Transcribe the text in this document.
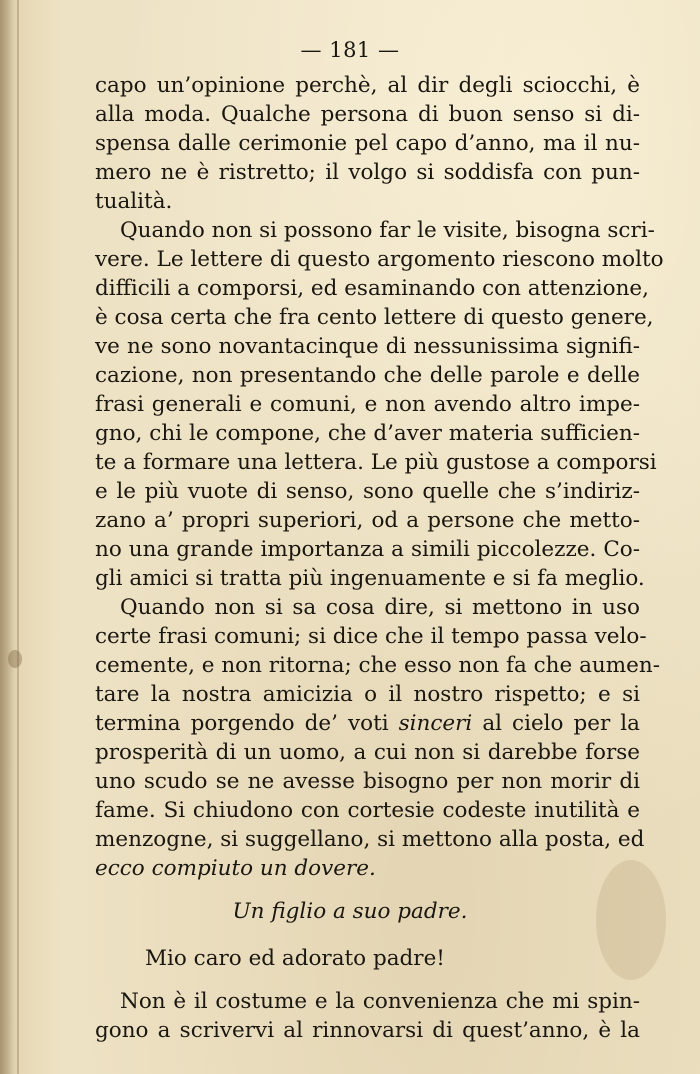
— 181 —
capo un’opinione perchè, al dir degli sciocchi, è
alla moda. Qualche persona di buon senso si di-
spensa dalle cerimonie pel capo d’anno, ma il nu-
mero ne è ristretto; il volgo si soddisfa con pun-
tualità.
Quando non si possono far le visite, bisogna scri-
vere. Le lettere di questo argomento riescono molto
difficili a comporsi, ed esaminando con attenzione,
è cosa certa che fra cento lettere di questo genere,
ve ne sono novantacinque di nessunissima signifi-
cazione, non presentando che delle parole e delle
frasi generali e comuni, e non avendo altro impe-
gno, chi le compone, che d’aver materia sufficien-
te a formare una lettera. Le più gustose a comporsi
e le più vuote di senso, sono quelle che s’indiriz-
zano a’ propri superiori, od a persone che metto-
no una grande importanza a simili piccolezze. Co-
gli amici si tratta più ingenuamente e si fa meglio.
Quando non si sa cosa dire, si mettono in uso
certe frasi comuni; si dice che il tempo passa velo-
cemente, e non ritorna; che esso non fa che aumen-
tare la nostra amicizia o il nostro rispetto; e si
termina porgendo de’ voti sinceri al cielo per la
prosperità di un uomo, a cui non si darebbe forse
uno scudo se ne avesse bisogno per non morir di
fame. Si chiudono con cortesie codeste inutilità e
menzogne, si suggellano, si mettono alla posta, ed
ecco compiuto un dovere.
Un figlio a suo padre.
Mio caro ed adorato padre!
Non è il costume e la convenienza che mi spin-
gono a scrivervi al rinnovarsi di quest’anno, è la
